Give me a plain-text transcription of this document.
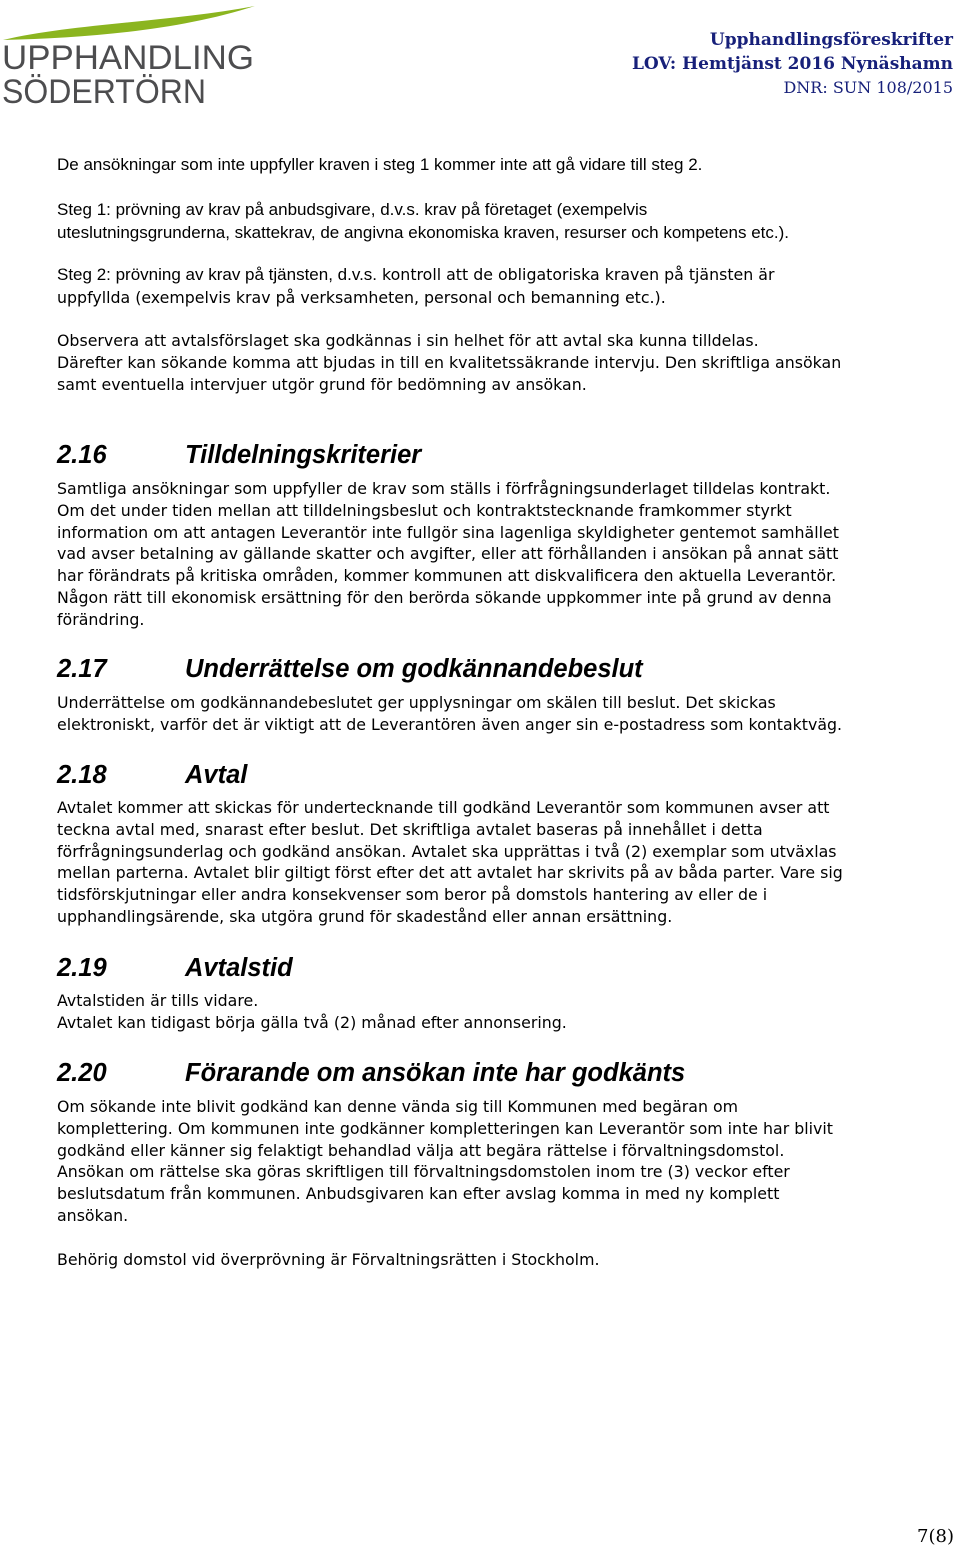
UPPHANDLING
SÖDERTÖRN
Upphandlingsföreskrifter
LOV: Hemtjänst 2016 Nynäshamn
DNR: SUN 108/2015

De ansökningar som inte uppfyller kraven i steg 1 kommer inte att gå vidare till steg 2.

Steg 1: prövning av krav på anbudsgivare, d.v.s. krav på företaget (exempelvis
uteslutningsgrunderna, skattekrav, de angivna ekonomiska kraven, resurser och kompetens etc.).
Steg 2: prövning av krav på tjänsten, d.v.s. kontroll att de obligatoriska kraven på tjänsten är
uppfyllda (exempelvis krav på verksamheten, personal och bemanning etc.).
Observera att avtalsförslaget ska godkännas i sin helhet för att avtal ska kunna tilldelas.
Därefter kan sökande komma att bjudas in till en kvalitetssäkrande intervju. Den skriftliga ansökan
samt eventuella intervjuer utgör grund för bedömning av ansökan.
2.16	Tilldelningskriterier
Samtliga ansökningar som uppfyller de krav som ställs i förfrågningsunderlaget tilldelas kontrakt.
Om det under tiden mellan att tilldelningsbeslut och kontraktstecknande framkommer styrkt
information om att antagen Leverantör inte fullgör sina lagenliga skyldigheter gentemot samhället
vad avser betalning av gällande skatter och avgifter, eller att förhållanden i ansökan på annat sätt
har förändrats på kritiska områden, kommer kommunen att diskvalificera den aktuella Leverantör.
Någon rätt till ekonomisk ersättning för den berörda sökande uppkommer inte på grund av denna
förändring.
2.17	Underrättelse om godkännandebeslut
Underrättelse om godkännandebeslutet ger upplysningar om skälen till beslut. Det skickas
elektroniskt, varför det är viktigt att de Leverantören även anger sin e-postadress som kontaktväg.
2.18	Avtal
Avtalet kommer att skickas för undertecknande till godkänd Leverantör som kommunen avser att
teckna avtal med, snarast efter beslut. Det skriftliga avtalet baseras på innehållet i detta
förfrågningsunderlag och godkänd ansökan. Avtalet ska upprättas i två (2) exemplar som utväxlas
mellan parterna. Avtalet blir giltigt först efter det att avtalet har skrivits på av båda parter. Vare sig
tidsförskjutningar eller andra konsekvenser som beror på domstols hantering av eller de i
upphandlingsärende, ska utgöra grund för skadestånd eller annan ersättning.
2.19	Avtalstid
Avtalstiden är tills vidare.
Avtalet kan tidigast börja gälla två (2) månad efter annonsering.
2.20	Förarande om ansökan inte har godkänts
Om sökande inte blivit godkänd kan denne vända sig till Kommunen med begäran om
komplettering. Om kommunen inte godkänner kompletteringen kan Leverantör som inte har blivit
godkänd eller känner sig felaktigt behandlad välja att begära rättelse i förvaltningsdomstol.
Ansökan om rättelse ska göras skriftligen till förvaltningsdomstolen inom tre (3) veckor efter
beslutsdatum från kommunen. Anbudsgivaren kan efter avslag komma in med ny komplett
ansökan.

Behörig domstol vid överprövning är Förvaltningsrätten i Stockholm.

7(8)
